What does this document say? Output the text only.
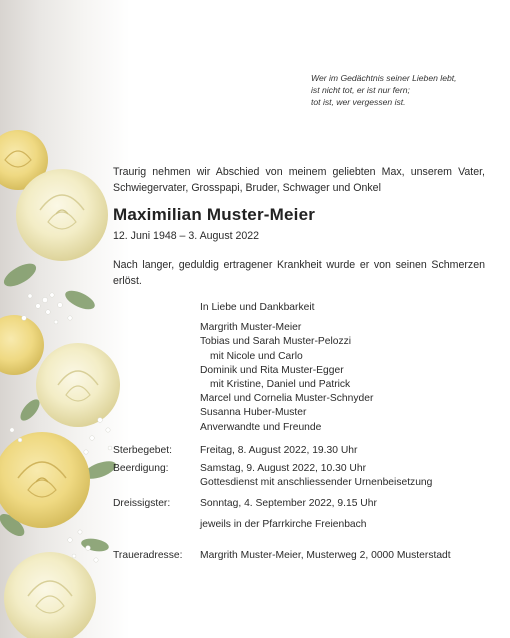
Wer im Gedächtnis seiner Lieben lebt,
ist nicht tot, er ist nur fern;
tot ist, wer vergessen ist.
Traurig nehmen wir Abschied von meinem geliebten Max, unserem Vater, Schwiegervater, Grosspapi, Bruder, Schwager und Onkel
Maximilian Muster-Meier
12. Juni 1948 – 3. August 2022
Nach langer, geduldig ertragener Krankheit wurde er von seinen Schmerzen erlöst.
In Liebe und Dankbarkeit
Margrith Muster-Meier
Tobias und Sarah Muster-Pelozzi
mit Nicole und Carlo
Dominik und Rita Muster-Egger
mit Kristine, Daniel und Patrick
Marcel und Cornelia Muster-Schnyder
Susanna Huber-Muster
Anverwandte und Freunde
Sterbegebet:	Freitag, 8. August 2022, 19.30 Uhr
Beerdigung:	Samstag, 9. August 2022, 10.30 Uhr
Gottesdienst mit anschliessender Urnenbeisetzung
Dreissigster:	Sonntag, 4. September 2022, 9.15 Uhr
jeweils in der Pfarrkirche Freienbach
Traueradresse: Margrith Muster-Meier, Musterweg 2, 0000 Musterstadt
